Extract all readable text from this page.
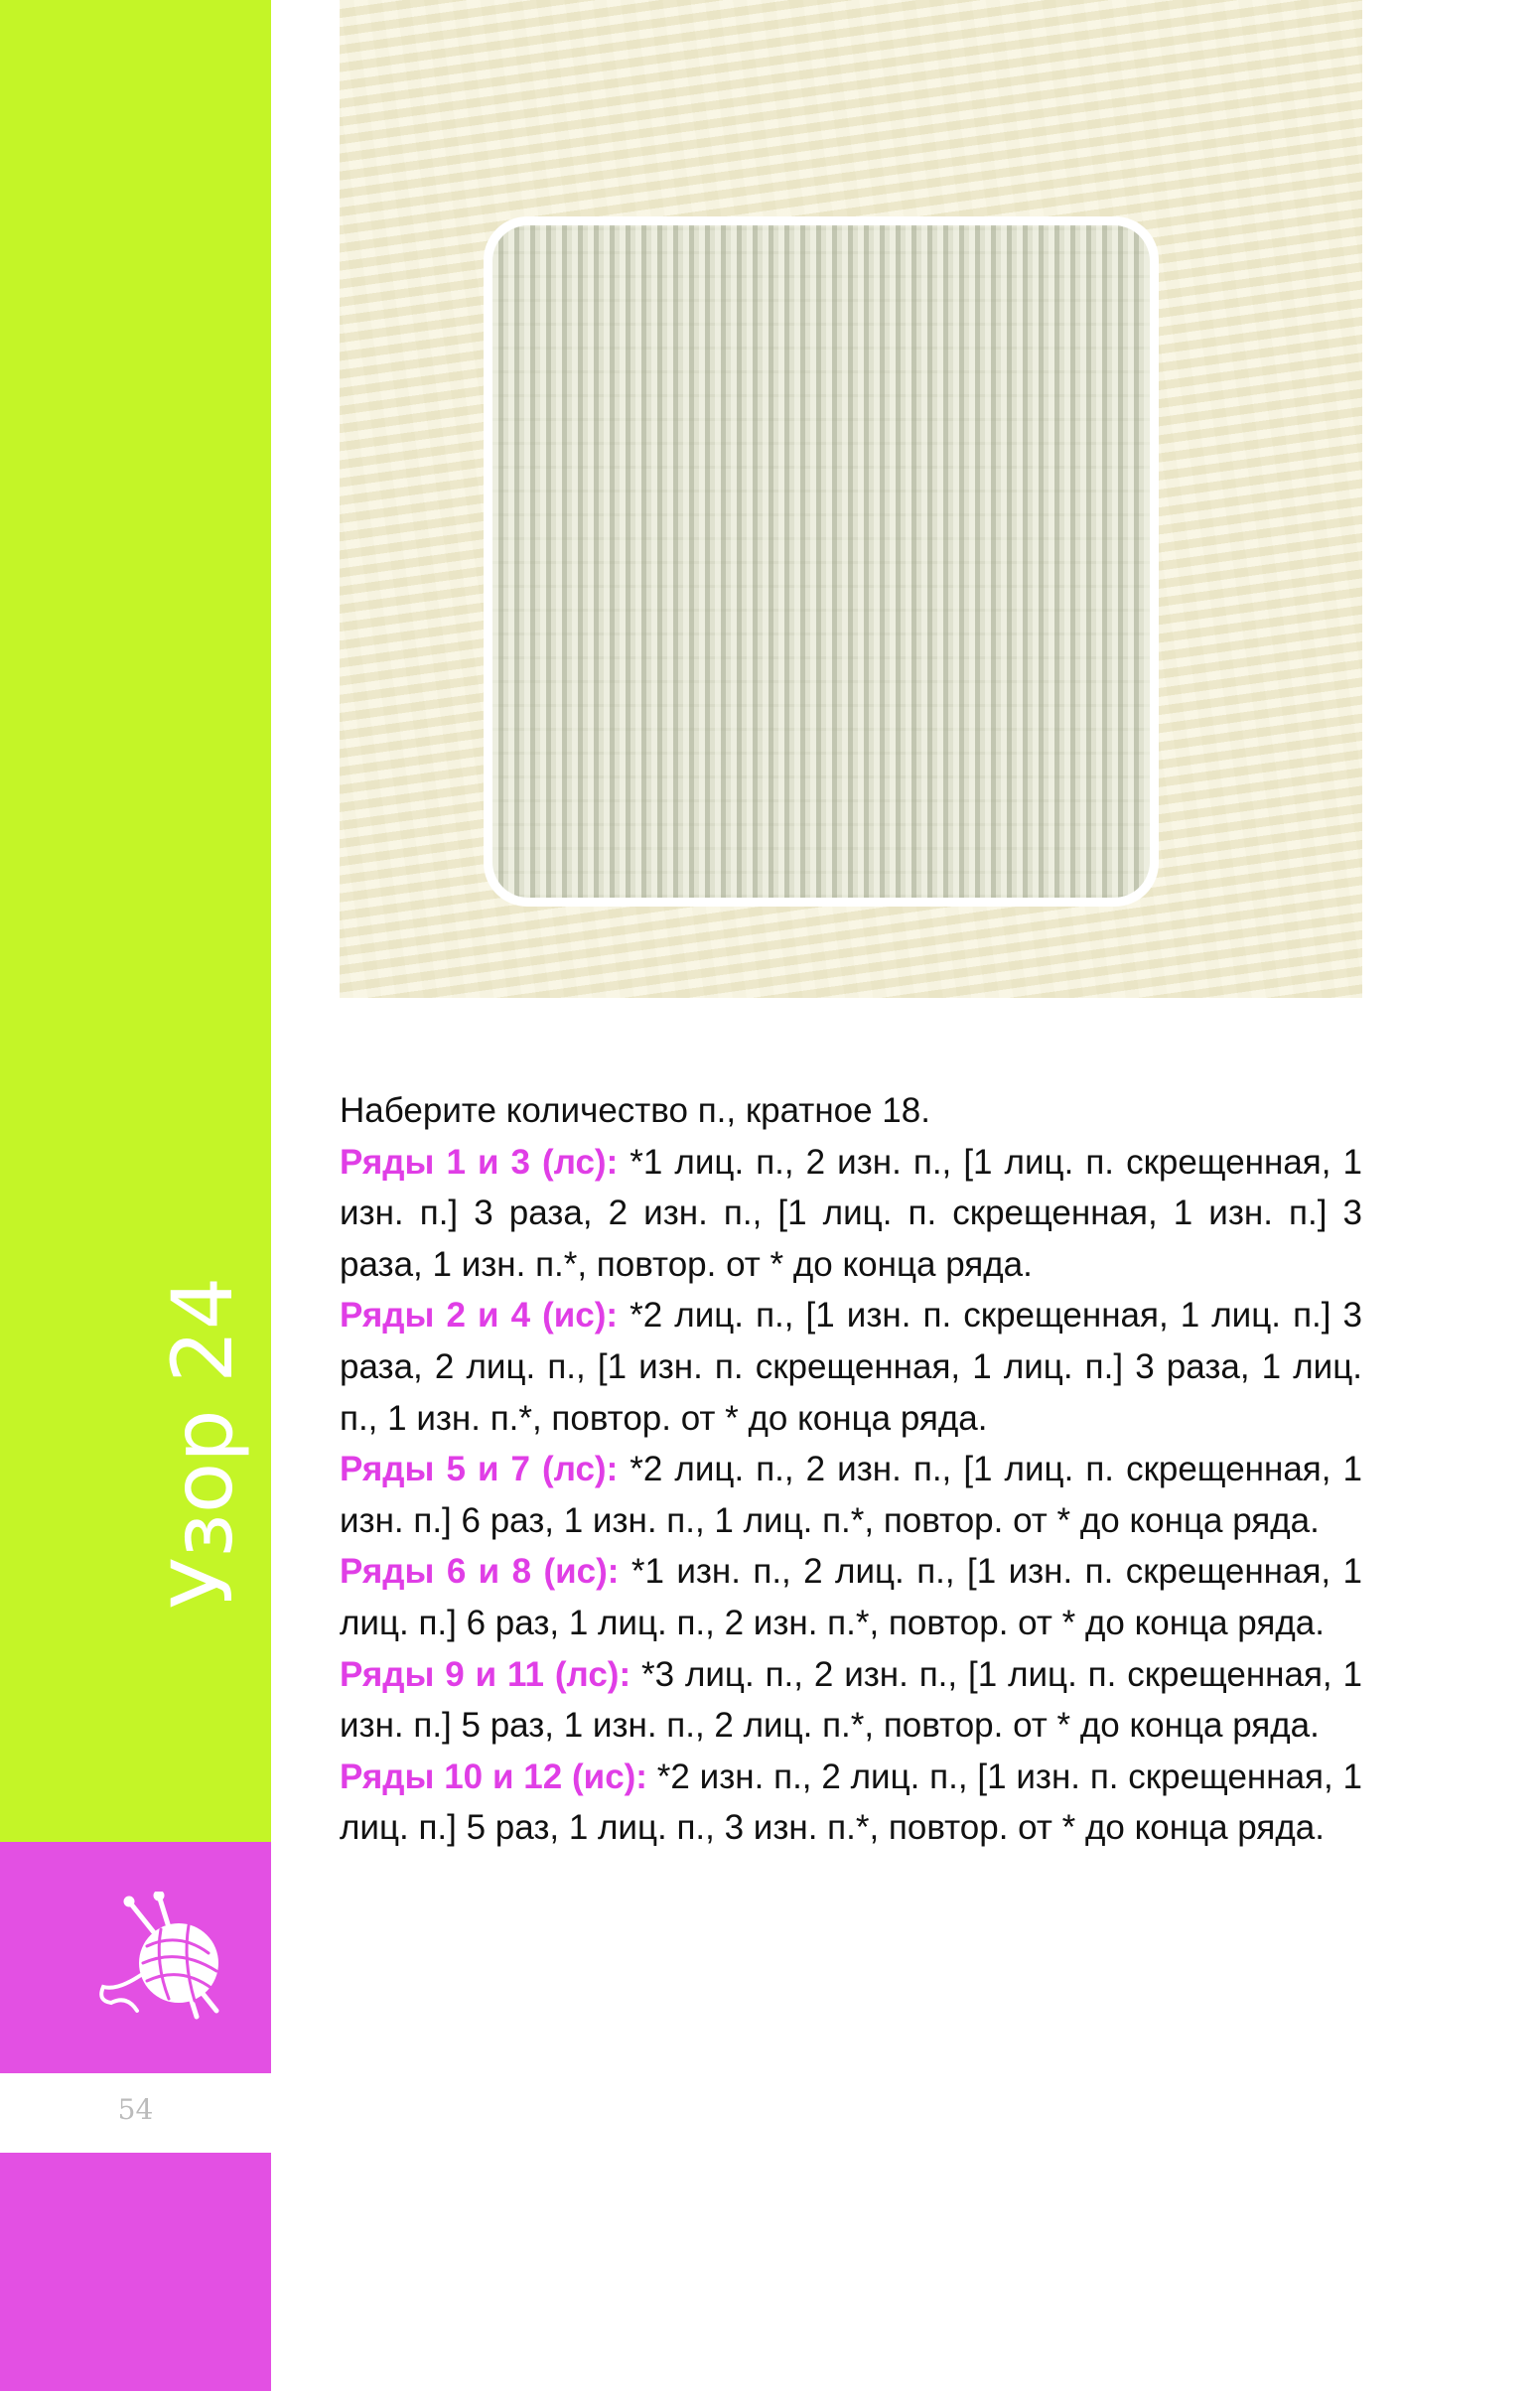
Узор 24
54

Наберите количество п., кратное 18.

Ряды 1 и 3 (лс): *1 лиц. п., 2 изн. п., [1 лиц. п. скрещенная, 1 изн. п.] 3 раза, 2 изн. п., [1 лиц. п. скрещенная, 1 изн. п.] 3 раза, 1 изн. п.*, повтор. от * до конца ряда.

Ряды 2 и 4 (ис): *2 лиц. п., [1 изн. п. скрещенная, 1 лиц. п.] 3 раза, 2 лиц. п., [1 изн. п. скрещенная, 1 лиц. п.] 3 раза, 1 лиц. п., 1 изн. п.*, повтор. от * до конца ряда.

Ряды 5 и 7 (лс): *2 лиц. п., 2 изн. п., [1 лиц. п. скрещенная, 1 изн. п.] 6 раз, 1 изн. п., 1 лиц. п.*, повтор. от * до конца ряда.

Ряды 6 и 8 (ис): *1 изн. п., 2 лиц. п., [1 изн. п. скрещенная, 1 лиц. п.] 6 раз, 1 лиц. п., 2 изн. п.*, повтор. от * до конца ряда.

Ряды 9 и 11 (лс): *3 лиц. п., 2 изн. п., [1 лиц. п. скрещенная, 1 изн. п.] 5 раз, 1 изн. п., 2 лиц. п.*, повтор. от * до конца ряда.

Ряды 10 и 12 (ис): *2 изн. п., 2 лиц. п., [1 изн. п. скрещенная, 1 лиц. п.] 5 раз, 1 лиц. п., 3 изн. п.*, повтор. от * до конца ряда.
